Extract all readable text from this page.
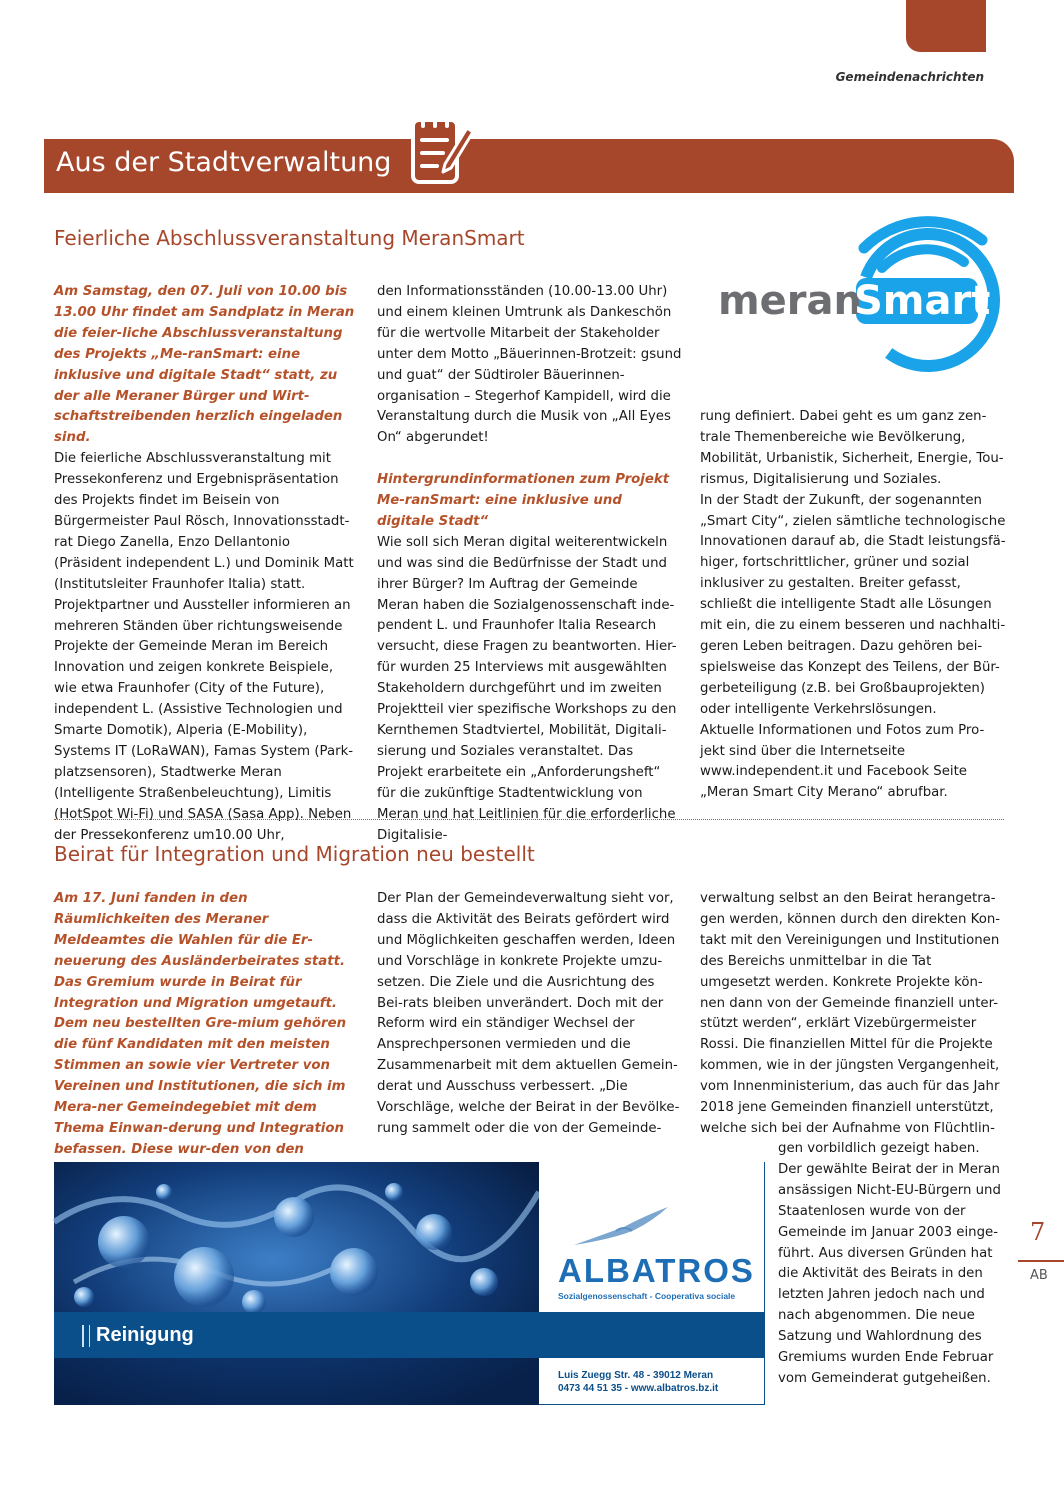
Gemeindenachrichten
Aus der Stadtverwaltung
Feierliche Abschlussveranstaltung MeranSmart

Am Samstag, den 07. Juli von 10.00 bis 13.00 Uhr findet am Sandplatz in Meran die feier-liche Abschlussveranstaltung des Projekts „Me-ranSmart: eine inklusive und digitale Stadt“ statt, zu der alle Meraner Bürger und Wirt-schaftstreibenden herzlich eingeladen sind.

Die feierliche Abschlussveranstaltung mit Pressekonferenz und Ergebnispräsentation des Projekts findet im Beisein von Bürgermeister Paul Rösch, Innovationsstadt-rat Diego Zanella, Enzo Dellantonio (Präsident independent L.) und Dominik Matt (Institutsleiter Fraunhofer Italia) statt. Projektpartner und Aussteller informieren an mehreren Ständen über richtungsweisende Projekte der Gemeinde Meran im Bereich Innovation und zeigen konkrete Beispiele, wie etwa Fraunhofer (City of the Future), independent L. (Assistive Technologien und Smarte Domotik), Alperia (E-Mobility), Systems IT (LoRaWAN), Famas System (Park-platzsensoren), Stadtwerke Meran (Intelligente Straßenbeleuchtung), Limitis (HotSpot Wi-Fi) und SASA (Sasa App). Neben der Pressekonferenz um10.00 Uhr,

den Informationsständen (10.00-13.00 Uhr) und einem kleinen Umtrunk als Dankeschön für die wertvolle Mitarbeit der Stakeholder unter dem Motto „Bäuerinnen-Brotzeit: gsund und guat“ der Südtiroler Bäuerinnen-organisation – Stegerhof Kampidell, wird die Veranstaltung durch die Musik von „All Eyes On“ abgerundet!

Hintergrundinformationen zum Projekt Me-ranSmart: eine inklusive und digitale Stadt“

Wie soll sich Meran digital weiterentwickeln und was sind die Bedürfnisse der Stadt und ihrer Bürger? Im Auftrag der Gemeinde Meran haben die Sozialgenossenschaft inde-pendent L. und Fraunhofer Italia Research versucht, diese Fragen zu beantworten. Hier-für wurden 25 Interviews mit ausgewählten Stakeholdern durchgeführt und im zweiten Projektteil vier spezifische Workshops zu den Kernthemen Stadtviertel, Mobilität, Digitali-sierung und Soziales veranstaltet. Das Projekt erarbeitete ein „Anforderungsheft“ für die zukünftige Stadtentwicklung von Meran und hat Leitlinien für die erforderliche Digitalisie-

meran
Smart

rung definiert. Dabei geht es um ganz zen-trale Themenbereiche wie Bevölkerung, Mobilität, Urbanistik, Sicherheit, Energie, Tou-rismus, Digitalisierung und Soziales.

In der Stadt der Zukunft, der sogenannten „Smart City“, zielen sämtliche technologische Innovationen darauf ab, die Stadt leistungsfä-higer, fortschrittlicher, grüner und sozial inklusiver zu gestalten. Breiter gefasst, schließt die intelligente Stadt alle Lösungen mit ein, die zu einem besseren und nachhalti-geren Leben beitragen. Dazu gehören bei-spielsweise das Konzept des Teilens, der Bür-gerbeteiligung (z.B. bei Großbauprojekten) oder intelligente Verkehrslösungen.

Aktuelle Informationen und Fotos zum Pro-jekt sind über die Internetseite www.independent.it und Facebook Seite „Meran Smart City Merano“ abrufbar.

Beirat für Integration und Migration neu bestellt

Am 17. Juni fanden in den Räumlichkeiten des Meraner Meldeamtes die Wahlen für die Er-neuerung des Ausländerbeirates statt. Das Gremium wurde in Beirat für Integration und Migration umgetauft. Dem neu bestellten Gre-mium gehören die fünf Kandidaten mit den meisten Stimmen an sowie vier Vertreter von Vereinen und Institutionen, die sich im Mera-ner Gemeindegebiet mit dem Thema Einwan-derung und Integration befassen. Diese wur-den von den

Der Plan der Gemeindeverwaltung sieht vor, dass die Aktivität des Beirats gefördert wird und Möglichkeiten geschaffen werden, Ideen und Vorschläge in konkrete Projekte umzu-setzen. Die Ziele und die Ausrichtung des Bei-rats bleiben unverändert. Doch mit der Reform wird ein ständiger Wechsel der Ansprechpersonen vermieden und die Zusammenarbeit mit dem aktuellen Gemein-derat und Ausschuss verbessert. „Die Vorschläge, welche der Beirat in der Bevölke-rung sammelt oder die von der Gemeinde-

verwaltung selbst an den Beirat herangetra-gen werden, können durch den direkten Kon-takt mit den Vereinigungen und Institutionen des Bereichs unmittelbar in die Tat umgesetzt werden. Konkrete Projekte kön-nen dann von der Gemeinde finanziell unter-stützt werden“, erklärt Vizebürgermeister Rossi. Die finanziellen Mittel für die Projekte kommen, wie in der jüngsten Vergangenheit, vom Innenministerium, das auch für das Jahr 2018 jene Gemeinden finanziell unterstützt, welche sich bei der Aufnahme von Flüchtlin-

gen vorbildlich gezeigt haben. Der gewählte Beirat der in Meran ansässigen Nicht-EU-Bürgern und Staatenlosen wurde von der Gemeinde im Januar 2003 einge-führt. Aus diversen Gründen hat die Aktivität des Beirats in den letzten Jahren jedoch nach und nach abgenommen. Die neue Satzung und Wahlordnung des Gremiums wurden Ende Februar vom Gemeinderat gutgeheißen.

Reinigung
ALBATROS
Sozialgenossenschaft - Cooperativa sociale
Luis Zuegg Str. 48 - 39012 Meran
0473 44 51 35 - www.albatros.bz.it
7
AB
